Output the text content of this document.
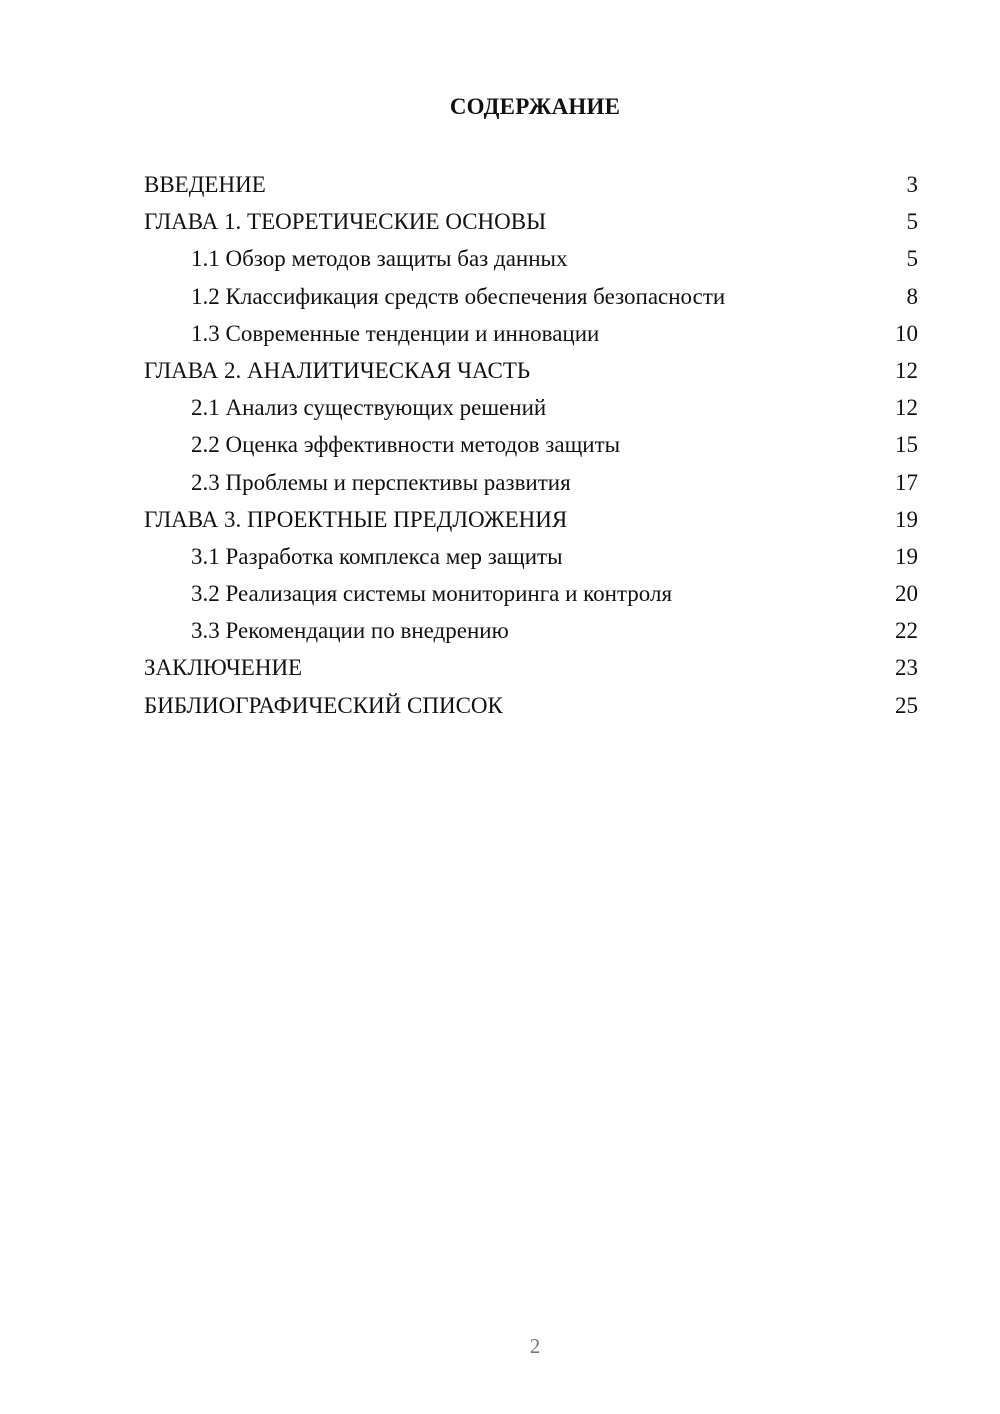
СОДЕРЖАНИЕ
ВВЕДЕНИЕ	3
ГЛАВА 1. ТЕОРЕТИЧЕСКИЕ ОСНОВЫ	5
1.1 Обзор методов защиты баз данных	5
1.2 Классификация средств обеспечения безопасности	8
1.3 Современные тенденции и инновации	10
ГЛАВА 2. АНАЛИТИЧЕСКАЯ ЧАСТЬ	12
2.1 Анализ существующих решений	12
2.2 Оценка эффективности методов защиты	15
2.3 Проблемы и перспективы развития	17
ГЛАВА 3. ПРОЕКТНЫЕ ПРЕДЛОЖЕНИЯ	19
3.1 Разработка комплекса мер защиты	19
3.2 Реализация системы мониторинга и контроля	20
3.3 Рекомендации по внедрению	22
ЗАКЛЮЧЕНИЕ	23
БИБЛИОГРАФИЧЕСКИЙ СПИСОК	25
2
